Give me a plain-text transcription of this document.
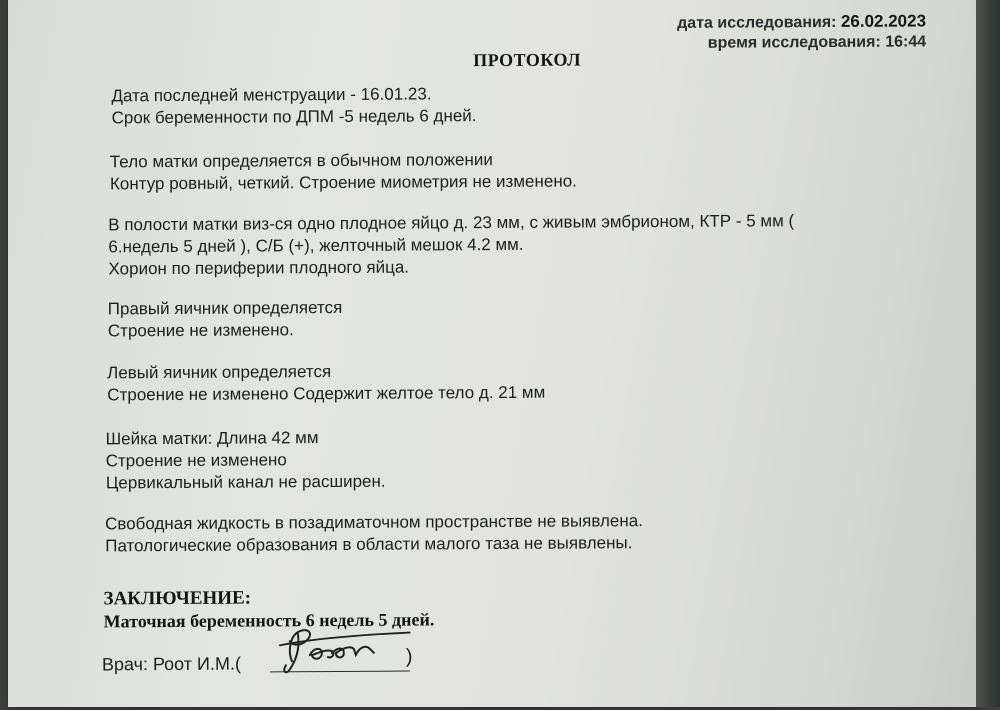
дата исследования: 26.02.2023
время исследования: 16:44
ПРОТОКОЛ
Дата последней менструации - 16.01.23.
Срок беременности по ДПМ -5 недель 6 дней.
Тело матки определяется в обычном положении
Контур ровный, четкий. Строение миометрия не изменено.
В полости матки виз-ся одно плодное яйцо д. 23 мм, с живым эмбрионом, КТР - 5 мм (
6.недель 5 дней ), С/Б (+), желточный мешок 4.2 мм.
Хорион по периферии плодного яйца.
Правый яичник определяется
Строение не изменено.
Левый яичник определяется
Строение не изменено Содержит желтое тело д. 21 мм
Шейка матки: Длина 42 мм
Строение не изменено
Цервикальный канал не расширен.
Свободная жидкость в позадиматочном пространстве не выявлена.
Патологические образования в области малого таза не выявлены.
ЗАКЛЮЧЕНИЕ:
Маточная беременность 6 недель 5 дней.
Врач: Роот И.М.(	)
